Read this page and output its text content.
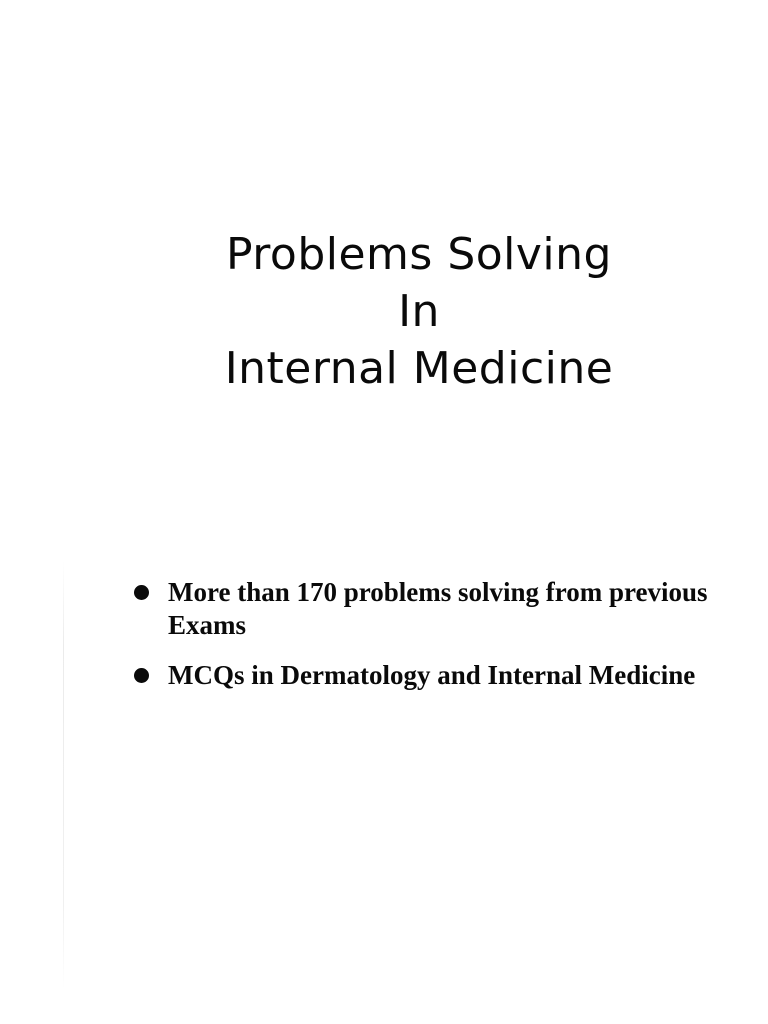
Problems Solving
In
Internal Medicine
More than 170 problems solving from previous Exams
MCQs in Dermatology and Internal Medicine
